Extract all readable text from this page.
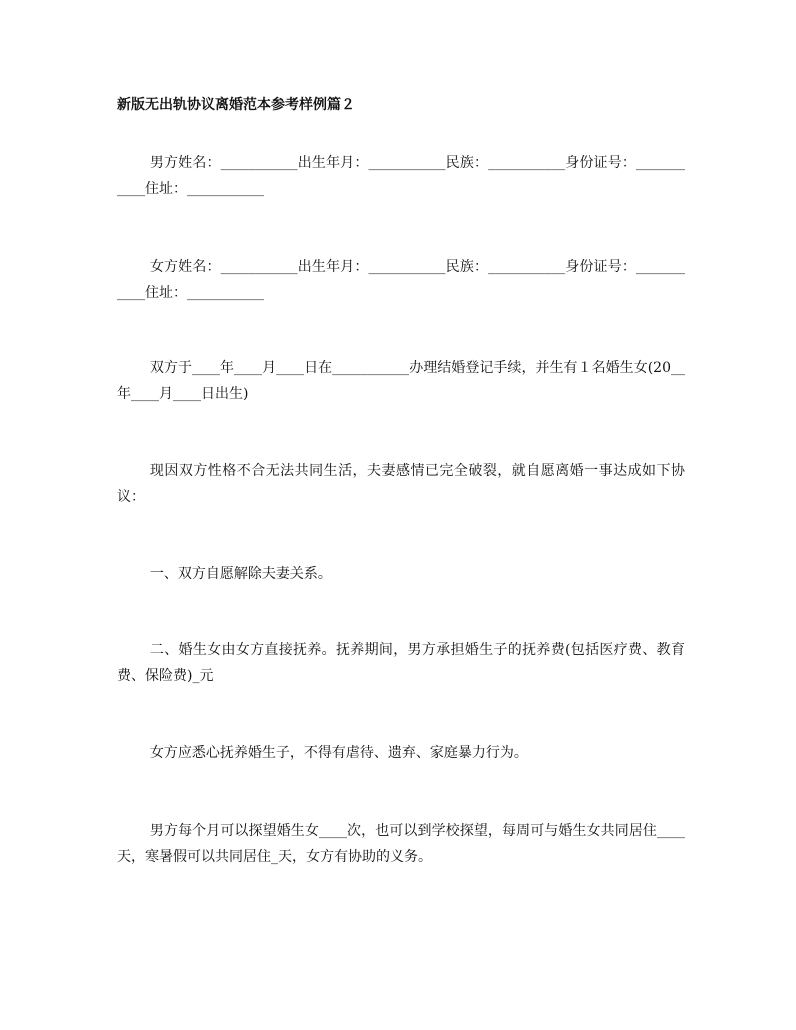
新版无出轨协议离婚范本参考样例篇２

男方姓名：___________出生年月：___________民族：___________身份证号：___________住址：___________

女方姓名：___________出生年月：___________民族：___________身份证号：___________住址：___________

双方于____年____月____日在___________办理结婚登记手续，并生有１名婚生女(20__年____月____日出生)

现因双方性格不合无法共同生活，夫妻感情已完全破裂，就自愿离婚一事达成如下协议：

一、双方自愿解除夫妻关系。

二、婚生女由女方直接抚养。抚养期间，男方承担婚生子的抚养费(包括医疗费、教育费、保险费)_元

女方应悉心抚养婚生子，不得有虐待、遗弃、家庭暴力行为。

男方每个月可以探望婚生女____次，也可以到学校探望，每周可与婚生女共同居住____天，寒暑假可以共同居住_天，女方有协助的义务。
